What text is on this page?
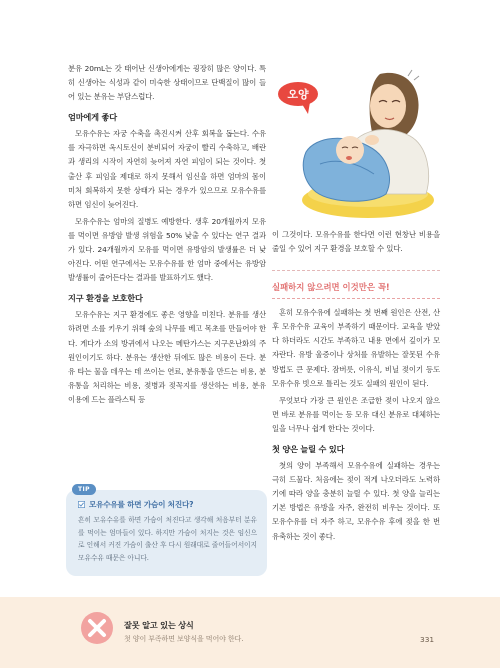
분유 20mL는 갓 태어난 신생아에게는 굉장히 많은 양이다. 특히 신생아는 식성과 같이 미숙한 상태이므로 단백질이 많이 들어 있는 분유는 부담스럽다.

엄마에게 좋다

모유수유는 자궁 수축을 촉진시켜 산후 회복을 돕는다. 수유를 자극하면 옥시토신이 분비되어 자궁이 빨리 수축하고, 배란과 생리의 시작이 자연히 늦어져 자연 피임이 되는 것이다. 첫 출산 후 피임을 제대로 하지 못해서 임신을 하면 엄마의 몸이 미처 회복하지 못한 상태가 되는 경우가 있으므로 모유수유를 하면 임신이 늦어진다.

모유수유는 엄마의 질병도 예방한다. 생후 20개월까지 모유를 먹이면 유방암 발생 위험을 50% 낮출 수 있다는 연구 결과가 있다. 24개월까지 모유를 먹이면 유방암의 발생률은 더 낮아진다. 어떤 연구에서는 모유수유를 한 엄마 중에서는 유방암 발생률이 줄어든다는 결과를 발표하기도 했다.

지구 환경을 보호한다

모유수유는 지구 환경에도 좋은 영향을 미친다. 분유를 생산하려면 소를 키우기 위해 숲의 나무를 베고 목초를 만들어야 한다. 게다가 소의 방귀에서 나오는 메탄가스는 지구온난화의 주 원인이기도 하다. 분유는 생산한 뒤에도 많은 비용이 든다. 분유 타는 물을 데우는 데 쓰이는 연료, 분유통을 만드는 비용, 분유통을 처리하는 비용, 젖병과 젖꼭지를 생산하는 비용, 분유 이용에 드는 플라스틱 등

오양

이 그것이다. 모유수유를 한다면 이런 현창난 비용을 줄일 수 있어 지구 환경을 보호할 수 있다.

실패하지 않으려면 이것만은 꼭!

흔히 모유수유에 실패하는 첫 번째 원인은 산전, 산후 모유수유 교육이 부족하기 때문이다. 교육을 받았다 하더라도 시간도 부족하고 내용 면에서 깊이가 모자란다. 유방 울증이나 상처를 유발하는 잘못된 수유 방법도 큰 문제다. 잠버릇, 이유식, 비닐 젖이기 등도 모유수유 빗으로 틀리는 것도 실패의 원인이 된다.

무엇보다 가장 큰 원인은 조급한 젖이 나오지 않으면 바로 분유를 먹이는 등 모유 대신 분유로 대체하는 일을 너무나 쉽게 한다는 것이다.

첫 양은 늘릴 수 있다

첫의 양이 부족해서 모유수유에 실패하는 경우는 극히 드물다. 처음에는 젖이 적게 나오더라도 노력하기에 따라 양을 충분히 늘릴 수 있다. 첫 양을 늘리는 기본 방법은 유방을 자주, 완전히 비우는 것이다. 또 모유수유를 더 자주 하고, 모유수유 후에 젖을 한 번 유축하는 것이 좋다.

TIP
모유수유를 하면 가슴이 처진다?

흔히 모유수유를 하면 가슴이 처진다고 생각해 처음부터 분유를 먹이는 엄마들이 있다. 하지만 가슴이 처지는 것은 임신으로 인해서 커진 가슴이 출산 후 다시 원래대로 줄어들어서이지 모유수유 때문은 아니다.

잘못 알고 있는 상식
첫 양이 부족하면 보양식을 먹어야 한다.	331
